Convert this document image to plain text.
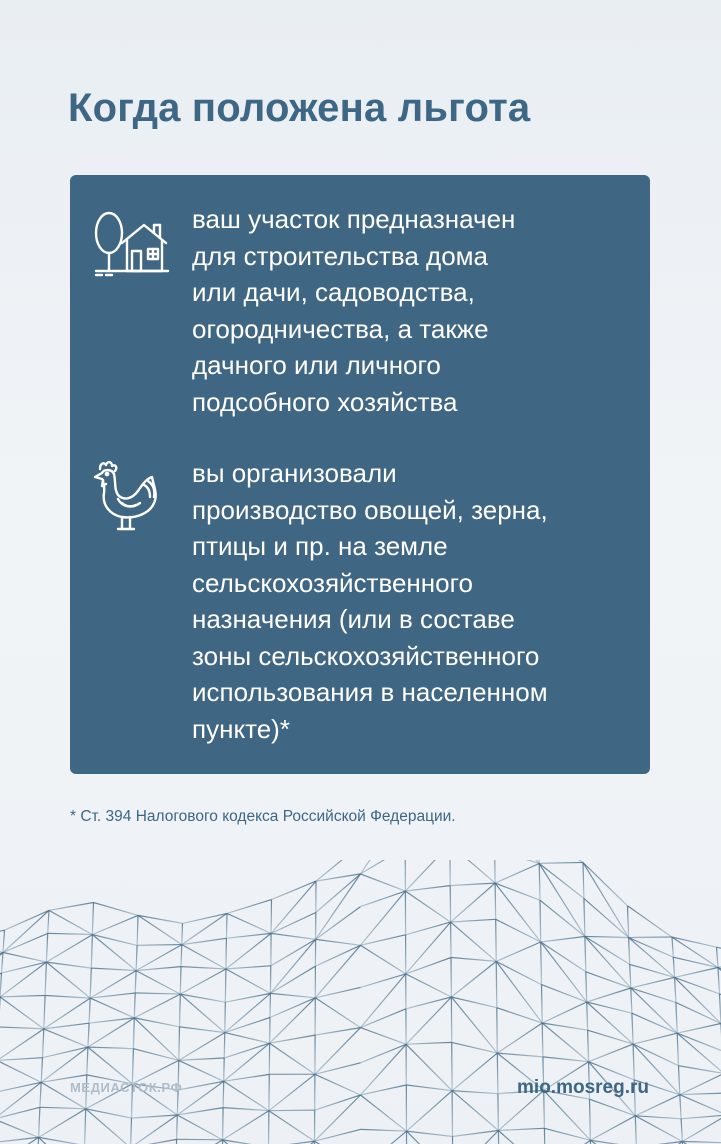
Когда положена льгота

ваш участок предназначен
для строительства дома
или дачи, садоводства,
огородничества, а также
дачного или личного
подсобного хозяйства

вы организовали
производство овощей, зерна,
птицы и пр. на земле
сельскохозяйственного
назначения (или в составе
зоны сельскохозяйственного
использования в населенном
пункте)*

* Ст. 394 Налогового кодекса Российской Федерации.

МЕДИАСТОК.РФ	mio.mosreg.ru
